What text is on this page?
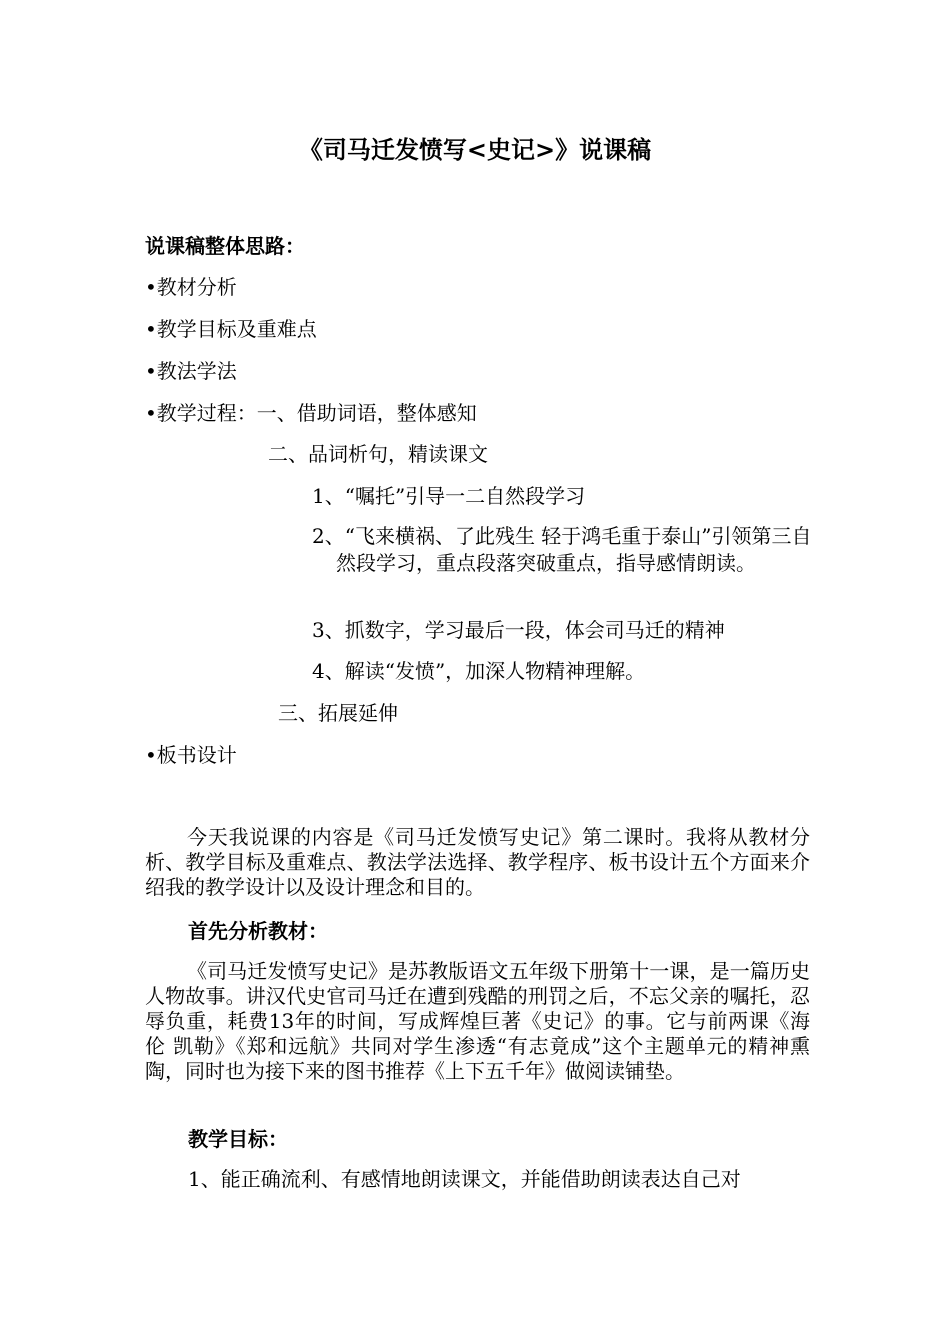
《司马迁发愤写<史记>》说课稿
说课稿整体思路：
•教材分析
•教学目标及重难点
•教法学法
•教学过程：一、借助词语，整体感知
二、品词析句，精读课文
1、“嘱托”引导一二自然段学习
2、“飞来横祸、了此残生 轻于鸿毛重于泰山”引领第三自然段学习，重点段落突破重点，指导感情朗读。
3、抓数字，学习最后一段，体会司马迁的精神
4、解读“发愤”，加深人物精神理解。
三、拓展延伸
•板书设计
今天我说课的内容是《司马迁发愤写史记》第二课时。我将从教材分析、教学目标及重难点、教法学法选择、教学程序、板书设计五个方面来介绍我的教学设计以及设计理念和目的。
首先分析教材：
《司马迁发愤写史记》是苏教版语文五年级下册第十一课，是一篇历史人物故事。讲汉代史官司马迁在遭到残酷的刑罚之后，不忘父亲的嘱托，忍辱负重，耗费13年的时间，写成辉煌巨著《史记》的事。它与前两课《海伦 凯勒》《郑和远航》共同对学生渗透“有志竟成”这个主题单元的精神熏陶，同时也为接下来的图书推荐《上下五千年》做阅读铺垫。
教学目标：
1、能正确流利、有感情地朗读课文，并能借助朗读表达自己对
